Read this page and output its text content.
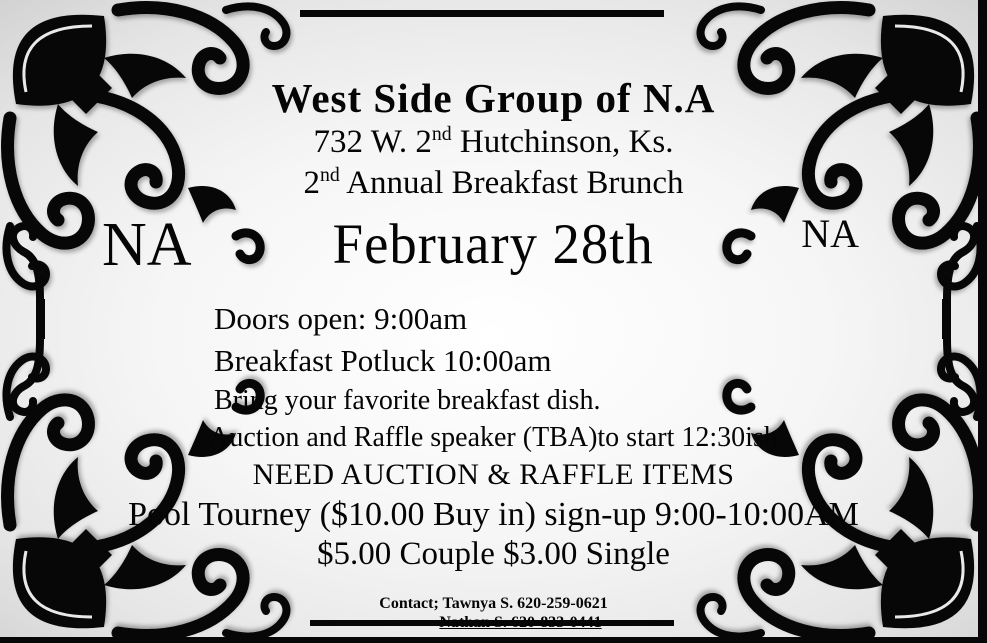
West Side Group of N.A
732 W. 2nd Hutchinson, Ks.
2nd Annual Breakfast Brunch
NA February 28th	NA
Doors open: 9:00am
Breakfast Potluck 10:00am
Bring your favorite breakfast dish.
Auction and Raffle speaker (TBA)to start 12:30ish
NEED AUCTION & RAFFLE ITEMS
Pool Tourney ($10.00 Buy in) sign-up 9:00-10:00AM
$5.00 Couple $3.00 Single
Contact; Tawnya S. 620-259-0621
Nathan S. 620-833-0441
